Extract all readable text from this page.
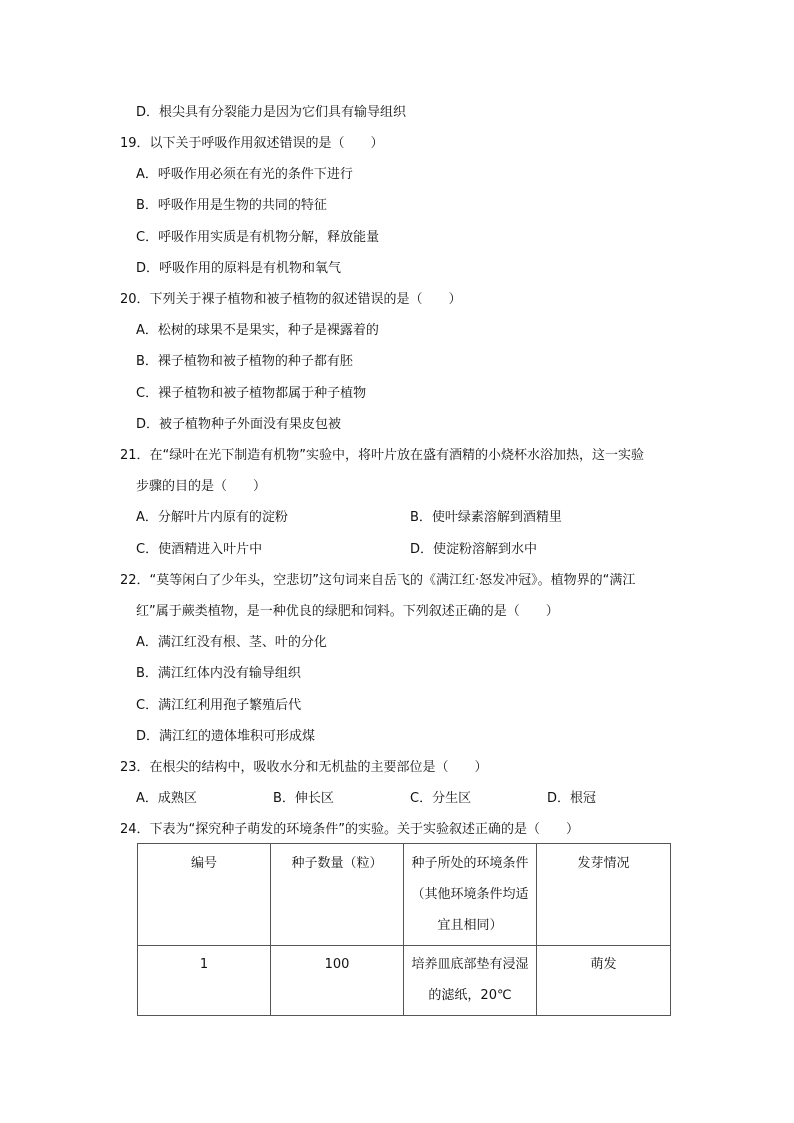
D．根尖具有分裂能力是因为它们具有输导组织
19．以下关于呼吸作用叙述错误的是（　　）
A．呼吸作用必须在有光的条件下进行
B．呼吸作用是生物的共同的特征
C．呼吸作用实质是有机物分解，释放能量
D．呼吸作用的原料是有机物和氧气
20．下列关于裸子植物和被子植物的叙述错误的是（　　）
A．松树的球果不是果实，种子是裸露着的
B．裸子植物和被子植物的种子都有胚
C．裸子植物和被子植物都属于种子植物
D．被子植物种子外面没有果皮包被
21．在“绿叶在光下制造有机物”实验中，将叶片放在盛有酒精的小烧杯水浴加热，这一实验
步骤的目的是（　　）
A．分解叶片内原有的淀粉	B．使叶绿素溶解到酒精里
C．使酒精进入叶片中	D．使淀粉溶解到水中
22．“莫等闲白了少年头，空悲切”这句词来自岳飞的《满江红·怒发冲冠》。植物界的“满江
红”属于蕨类植物，是一种优良的绿肥和饲料。下列叙述正确的是（　　）
A．满江红没有根、茎、叶的分化
B．满江红体内没有输导组织
C．满江红利用孢子繁殖后代
D．满江红的遗体堆积可形成煤
23．在根尖的结构中，吸收水分和无机盐的主要部位是（　　）
A．成熟区	B．伸长区	C．分生区	D．根冠
24．下表为“探究种子萌发的环境条件”的实验。关于实验叙述正确的是（　　）
编号	种子数量（粒）	种子所处的环境条件
（其他环境条件均适
宜且相同）	发芽情况
1	100	培养皿底部垫有浸湿
的滤纸，20℃	萌发
